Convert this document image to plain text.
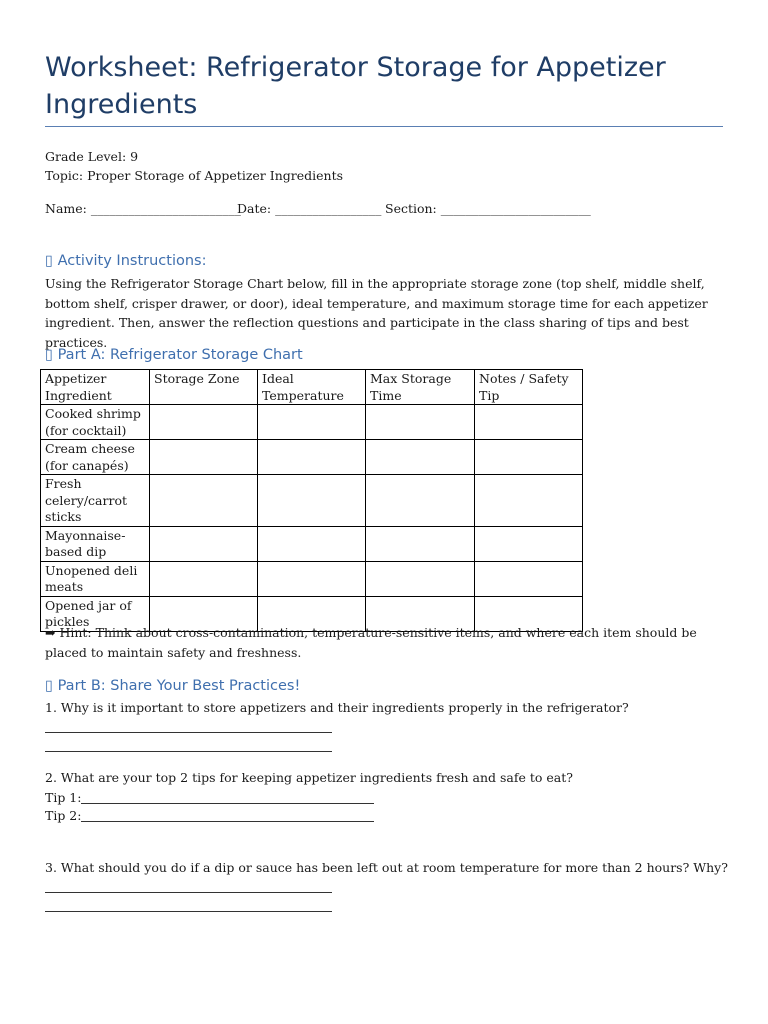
Worksheet: Refrigerator Storage for Appetizer Ingredients
Grade Level: 9
Topic: Proper Storage of Appetizer Ingredients
Name: ________________________
Date: _________________ Section: ________________________
▯ Activity Instructions:
Using the Refrigerator Storage Chart below, fill in the appropriate storage zone (top shelf, middle shelf, bottom shelf, crisper drawer, or door), ideal temperature, and maximum storage time for each appetizer ingredient. Then, answer the reflection questions and participate in the class sharing of tips and best practices.
▯ Part A: Refrigerator Storage Chart
Appetizer Ingredient	Storage Zone	Ideal Temperature	Max Storage Time	Notes / Safety Tip
Cooked shrimp (for cocktail)				
Cream cheese (for canapés)				
Fresh celery/carrot sticks				
Mayonnaise-based dip				
Unopened deli meats				
Opened jar of pickles				
➡ Hint: Think about cross-contamination, temperature-sensitive items, and where each item should be placed to maintain safety and freshness.
▯ Part B: Share Your Best Practices!
1. Why is it important to store appetizers and their ingredients properly in the refrigerator?
2. What are your top 2 tips for keeping appetizer ingredients fresh and safe to eat?
Tip 1:
Tip 2:
3. What should you do if a dip or sauce has been left out at room temperature for more than 2 hours? Why?
